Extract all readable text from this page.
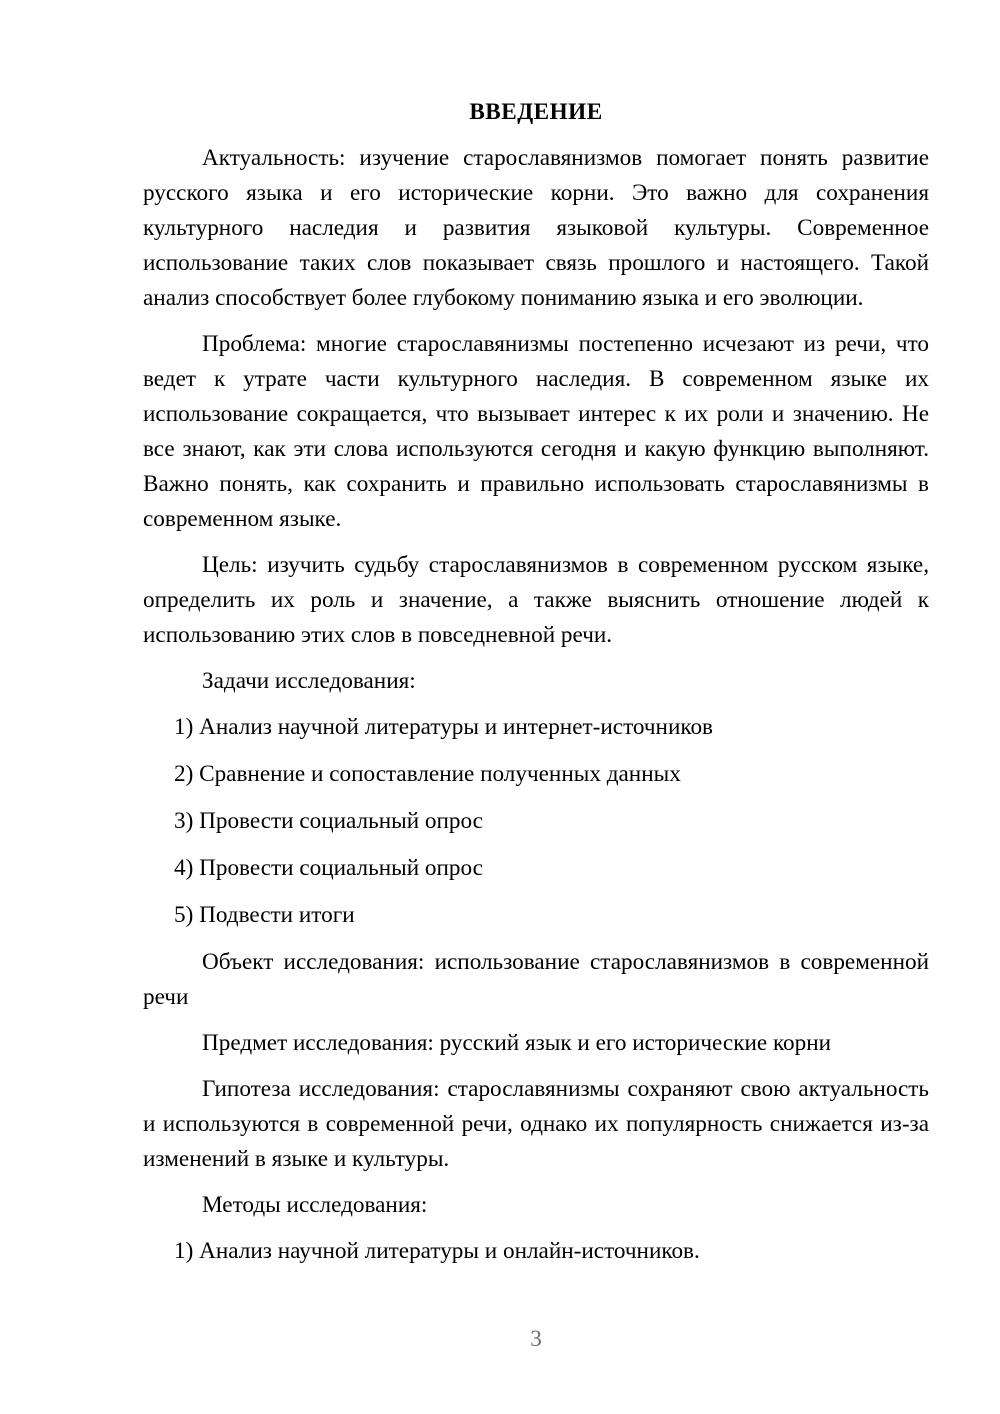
ВВЕДЕНИЕ

Актуальность: изучение старославянизмов помогает понять развитие русского языка и его исторические корни. Это важно для сохранения культурного наследия и развития языковой культуры. Современное использование таких слов показывает связь прошлого и настоящего. Такой анализ способствует более глубокому пониманию языка и его эволюции.

Проблема: многие старославянизмы постепенно исчезают из речи, что ведет к утрате части культурного наследия. В современном языке их использование сокращается, что вызывает интерес к их роли и значению. Не все знают, как эти слова используются сегодня и какую функцию выполняют. Важно понять, как сохранить и правильно использовать старославянизмы в современном языке.

Цель: изучить судьбу старославянизмов в современном русском языке, определить их роль и значение, а также выяснить отношение людей к использованию этих слов в повседневной речи.

Задачи исследования:

1) Анализ научной литературы и интернет-источников

2) Сравнение и сопоставление полученных данных

3) Провести социальный опрос

4) Провести социальный опрос

5) Подвести итоги

Объект исследования: использование старославянизмов в современной речи

Предмет исследования: русский язык и его исторические корни

Гипотеза исследования: старославянизмы сохраняют свою актуальность и используются в современной речи, однако их популярность снижается из-за изменений в языке и культуры.

Методы исследования:

1) Анализ научной литературы и онлайн-источников.

3
